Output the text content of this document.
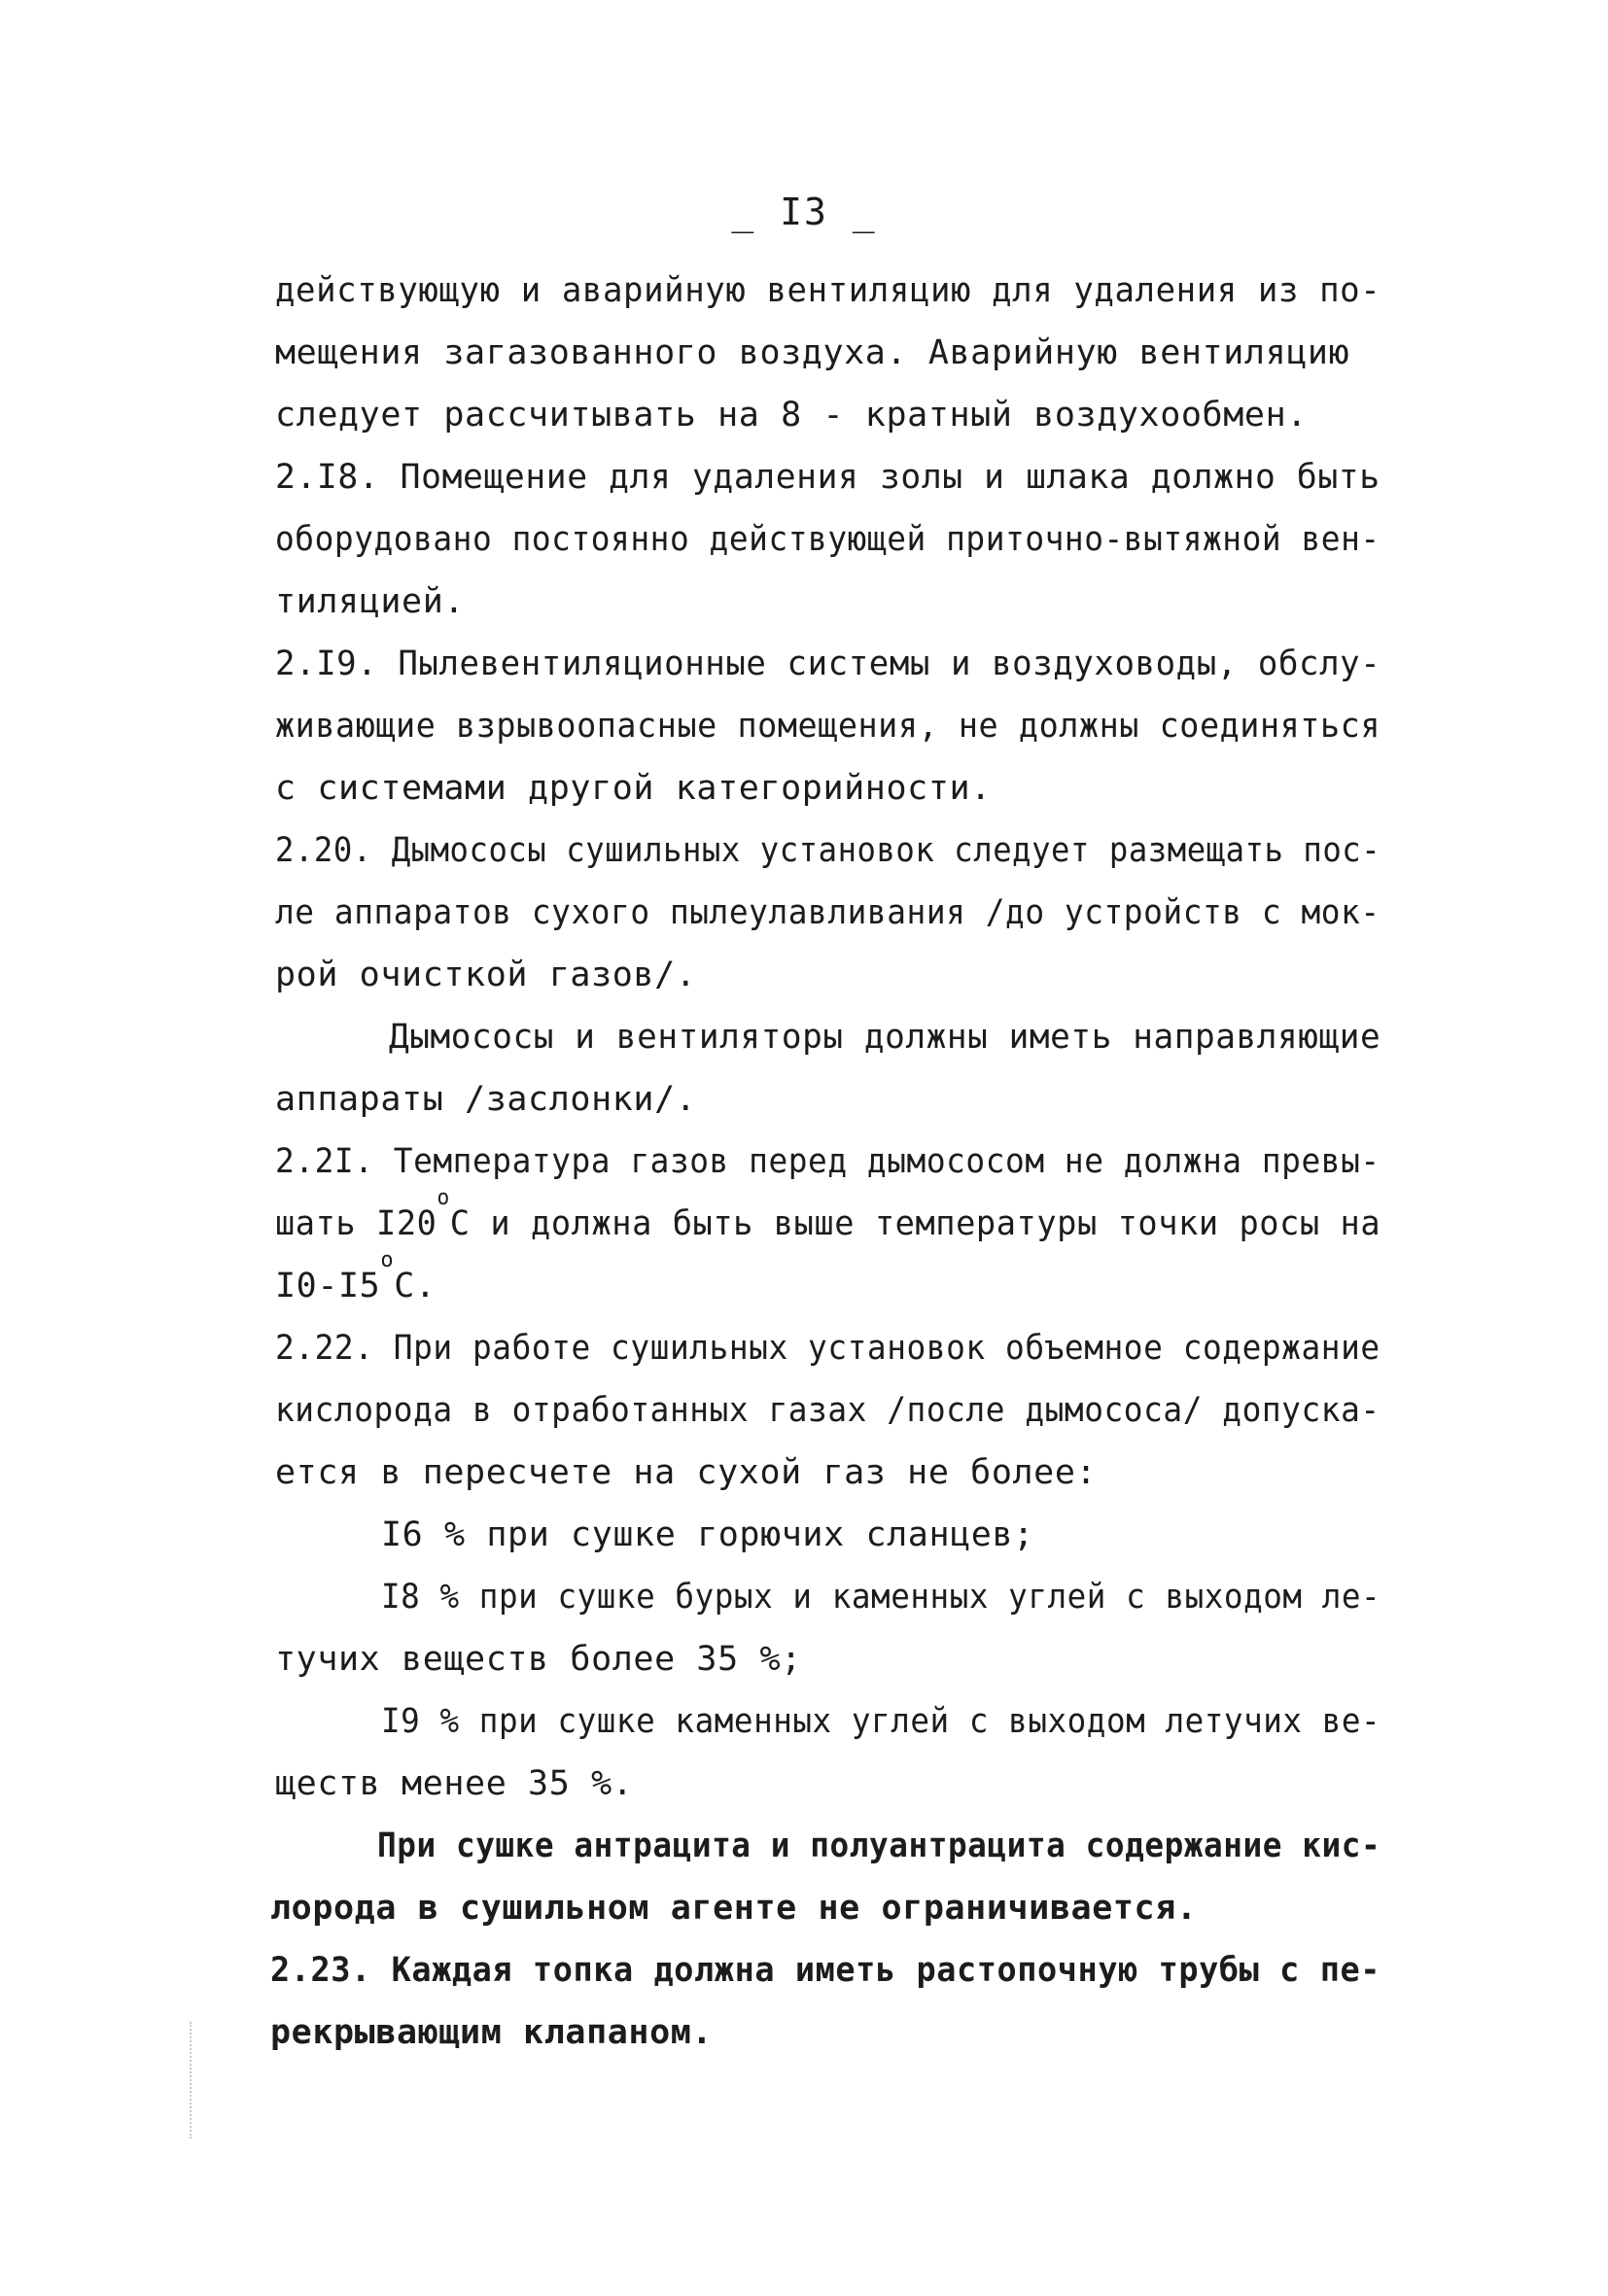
_ I3 _
действующую и аварийную вентиляцию для удаления из по-
мещения загазованного воздуха. Аварийную вентиляцию
следует рассчитывать на 8 - кратный воздухообмен.
2.I8. Помещение для удаления золы и шлака должно быть
оборудовано постоянно действующей приточно-вытяжной вен-
тиляцией.
2.I9. Пылевентиляционные системы и воздуховоды, обслу-
живающие взрывоопасные помещения, не должны соединяться
с системами другой категорийности.
2.20. Дымососы сушильных установок следует размещать пос-
ле аппаратов сухого пылеулавливания /до устройств с мок-
рой очисткой газов/.
Дымососы и вентиляторы должны иметь направляющие
аппараты /заслонки/.
2.2I. Температура газов перед дымососом не должна превы-
шать I20$^o$C и должна быть выше температуры точки росы на
I0-I5$^o$C.
2.22. При работе сушильных установок объемное содержание
кислорода в отработанных газах /после дымососа/ допуска-
ется в пересчете на сухой газ не более:
I6 % при сушке горючих сланцев;
I8 % при сушке бурых и каменных углей с выходом ле-
тучих веществ более 35 %;
I9 % при сушке каменных углей с выходом летучих ве-
ществ менее 35 %.
При сушке антрацита и полуантрацита содержание кис-
лорода в сушильном агенте не ограничивается.
2.23. Каждая топка должна иметь растопочную трубы с пе-
рекрывающим клапаном.
